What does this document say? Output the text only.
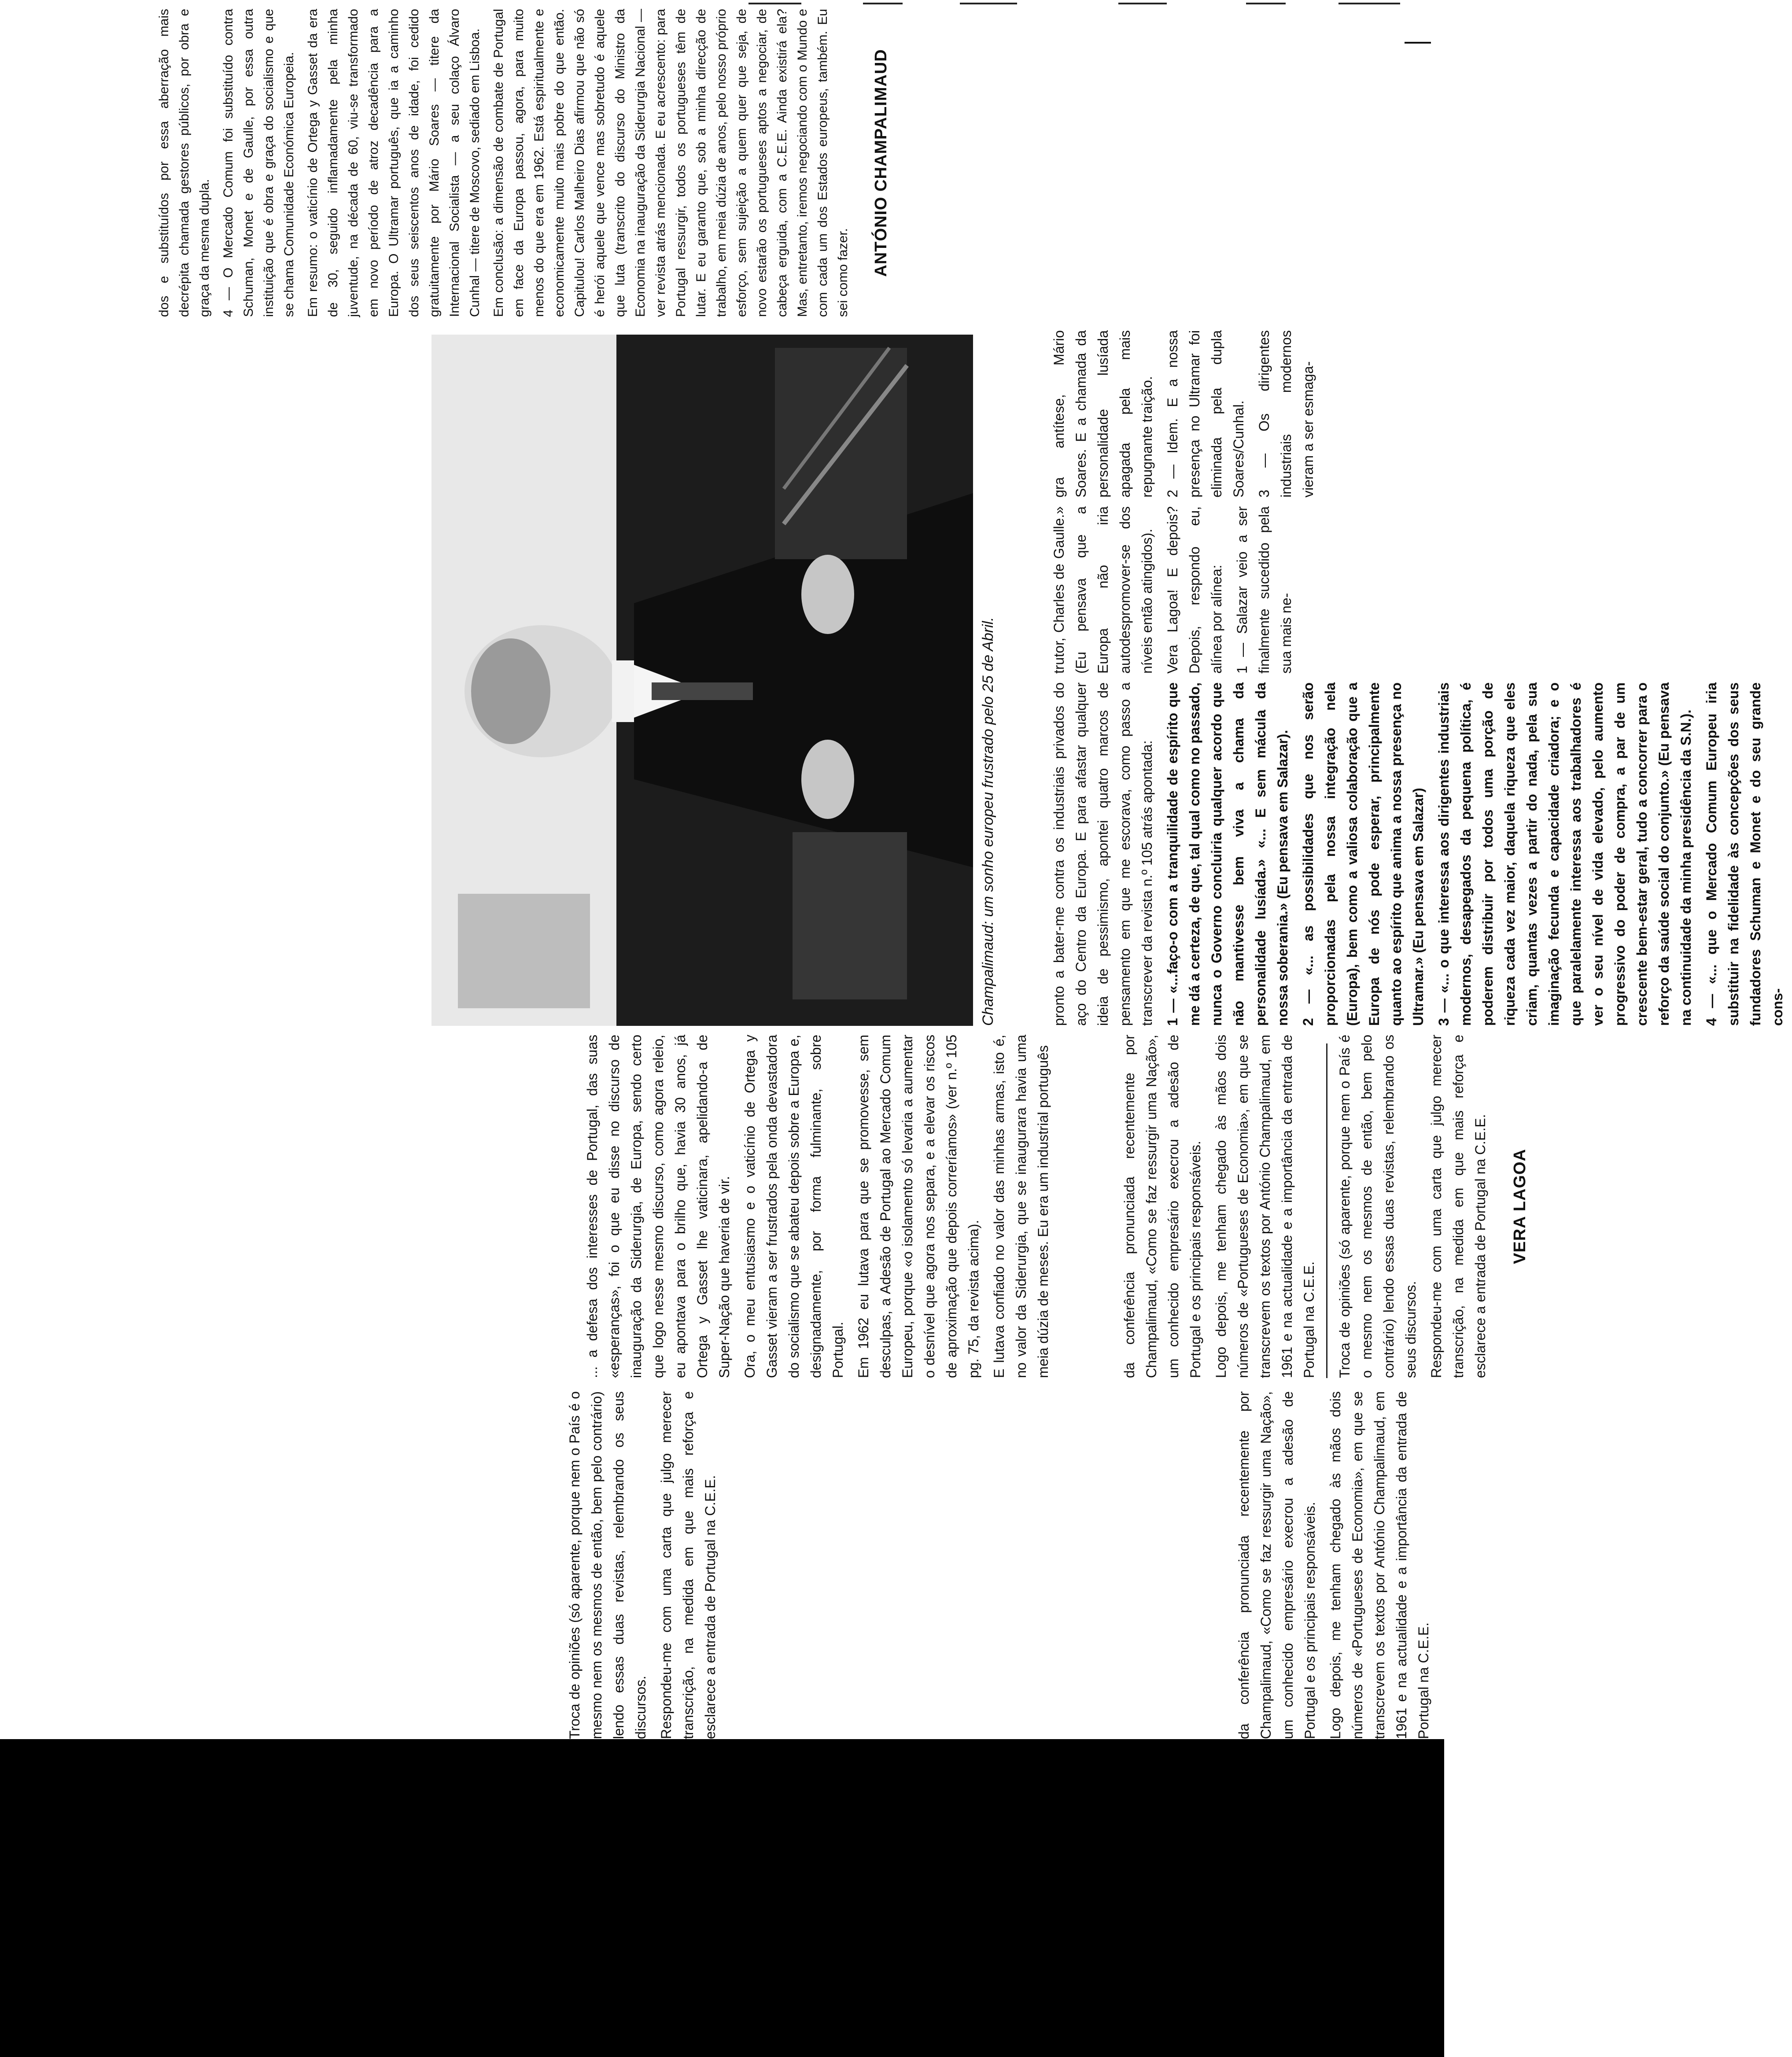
da conferência pronunciada recentemente por Champalimaud, «Como se faz ressurgir uma Nação», um conhecido empresário execrou a adesão de Portugal e os principais responsáveis. Logo depois, me tenham chegado às mãos dois números de «Portugueses de Economia», em que se transcrevem os textos por António Champalimaud, em 1961 e na actualidade e a importância da entrada de Portugal na C.E.E.

Troca de opiniões (só aparente, porque nem o País é o mesmo nem os mesmos de então, bem pelo contrário) lendo essas duas revistas, relembrando os seus discursos. Respondeu-me com uma carta que julgo merecer transcrição, na medida em que mais reforça e esclarece a entrada de Portugal na C.E.E.

da conferência pronunciada recentemente por Champalimaud, «Como se faz ressurgir uma Nação», um conhecido empresário execrou a adesão de Portugal e os principais responsáveis. Logo depois, me tenham chegado às mãos dois números de «Portugueses de Economia», em que se transcrevem os textos por António Champalimaud, em 1961 e na actualidade e a importância da entrada de Portugal na C.E.E. Troca de opiniões (só aparente, porque nem o País é o mesmo nem os mesmos de então, bem pelo contrário) lendo essas duas revistas, relembrando os seus discursos. Respondeu-me com uma carta que julgo merecer transcrição, na medida em que mais reforça e esclarece a entrada de Portugal na C.E.E. VERA LAGOA

... a defesa dos interesses de Portugal, das suas «esperanças», foi o que eu disse no discurso de inauguração da Siderurgia, de Europa, sendo certo que logo nesse mesmo discurso, como agora releio, eu apontava para o brilho que, havia 30 anos, já Ortega y Gasset lhe vaticinara, apelidando-a de Super-Nação que haveria de vir. Ora, o meu entusiasmo e o vaticínio de Ortega y Gasset vieram a ser frustrados pela onda devastadora do socialismo que se abateu depois sobre a Europa e, designadamente, por forma fulminante, sobre Portugal. Em 1962 eu lutava para que se promovesse, sem desculpas, a Adesão de Portugal ao Mercado Comum Europeu, porque «o isolamento só levaria a aumentar o desnível que agora nos separa, e a elevar os riscos de aproximação que depois correríamos» (ver n.º 105 pg. 75, da revista acima). E lutava confiado no valor das minhas armas, isto é, no valor da Siderurgia, que se inaugurara havia uma meia dúzia de meses. Eu era um industrial português

pronto a bater-me contra os industriais privados do aço do Centro da Europa. E para afastar qualquer ideia de pessimismo, apontei quatro marcos de pensamento em que me escorava, como passo a transcrever da revista n.º 105 atrás apontada: 1 — «...faço-o com a tranquilidade de espírito que me dá a certeza, de que, tal qual como no passado, nunca o Governo concluiria qualquer acordo que não mantivesse bem viva a chama da personalidade lusíada.» «... E sem mácula da nossa soberania.» (Eu pensava em Salazar). 2 — «... as possibilidades que nos serão proporcionadas pela nossa integração nela (Europa), bem como a valiosa colaboração que a Europa de nós pode esperar, principalmente quanto ao espírito que anima a nossa presença no Ultramar.» (Eu pensava em Salazar) 3 — «... o que interessa aos dirigentes industriais modernos, desapegados da pequena política, é poderem distribuir por todos uma porção de riqueza cada vez maior, daquela riqueza que eles criam, quantas vezes a partir do nada, pela sua imaginação fecunda e capacidade criadora; e o que paralelamente interessa aos trabalhadores é ver o seu nível de vida elevado, pelo aumento progressivo do poder de compra, a par de um crescente bem-estar geral, tudo a concorrer para o reforço da saúde social do conjunto.» (Eu pensava na continuidade da minha presidência da S.N.). 4 — «... que o Mercado Comum Europeu iria substituir na fidelidade às concepções dos seus fundadores Schuman e Monet e do seu grande cons-

Champalimaud: um sonho europeu frustrado pelo 25 de Abril.

trutor, Charles de Gaulle.» (Eu pensava que a Europa não iria autodespromover-se dos níveis então atingidos). Vera Lagoa! E depois? Depois, respondo eu, alínea por alínea: 1 — Salazar veio a ser finalmente sucedido pela sua mais ne-

gra antítese, Mário Soares. E a chamada da personalidade lusíada apagada pela mais repugnante traição. 2 — Idem. E a nossa presença no Ultramar foi eliminada pela dupla Soares/Cunhal. 3 — Os dirigentes industriais modernos vieram a ser esmaga-

dos e substituídos por essa aberração mais decrépita chamada gestores públicos, por obra e graça da mesma dupla. 4 — O Mercado Comum foi substituído contra Schuman, Monet e de Gaulle, por essa outra instituição que é obra e graça do socialismo e que se chama Comunidade Económica Europeia. Em resumo: o vaticínio de Ortega y Gasset da era de 30, seguido inflamadamente pela minha juventude, na década de 60, viu-se transformado em novo período de atroz decadência para a Europa. O Ultramar português, que ia a caminho dos seus seiscentos anos de idade, foi cedido gratuitamente por Mário Soares — titere da Internacional Socialista — a seu colaço Álvaro Cunhal — titere de Moscovo, sediado em Lisboa. Em conclusão: a dimensão de combate de Portugal em face da Europa passou, agora, para muito menos do que era em 1962. Está espiritualmente e economicamente muito mais pobre do que então. Capitulou! Carlos Malheiro Dias afirmou que não só é herói aquele que vence mas sobretudo é aquele que luta (transcrito do discurso do Ministro da Economia na inauguração da Siderurgia Nacional — ver revista atrás mencionada. E eu acrescento: para Portugal ressurgir, todos os portugueses têm de lutar. E eu garanto que, sob a minha direcção de trabalho, em meia dúzia de anos, pelo nosso próprio esforço, sem sujeição a quem quer que seja, de novo estarão os portugueses aptos a negociar, de cabeça erguida, com a C.E.E. Ainda existirá ela? Mas, entretanto, iremos negociando com o Mundo e com cada um dos Estados europeus, também. Eu sei como fazer. ANTÓNIO CHAMPALIMAUD
